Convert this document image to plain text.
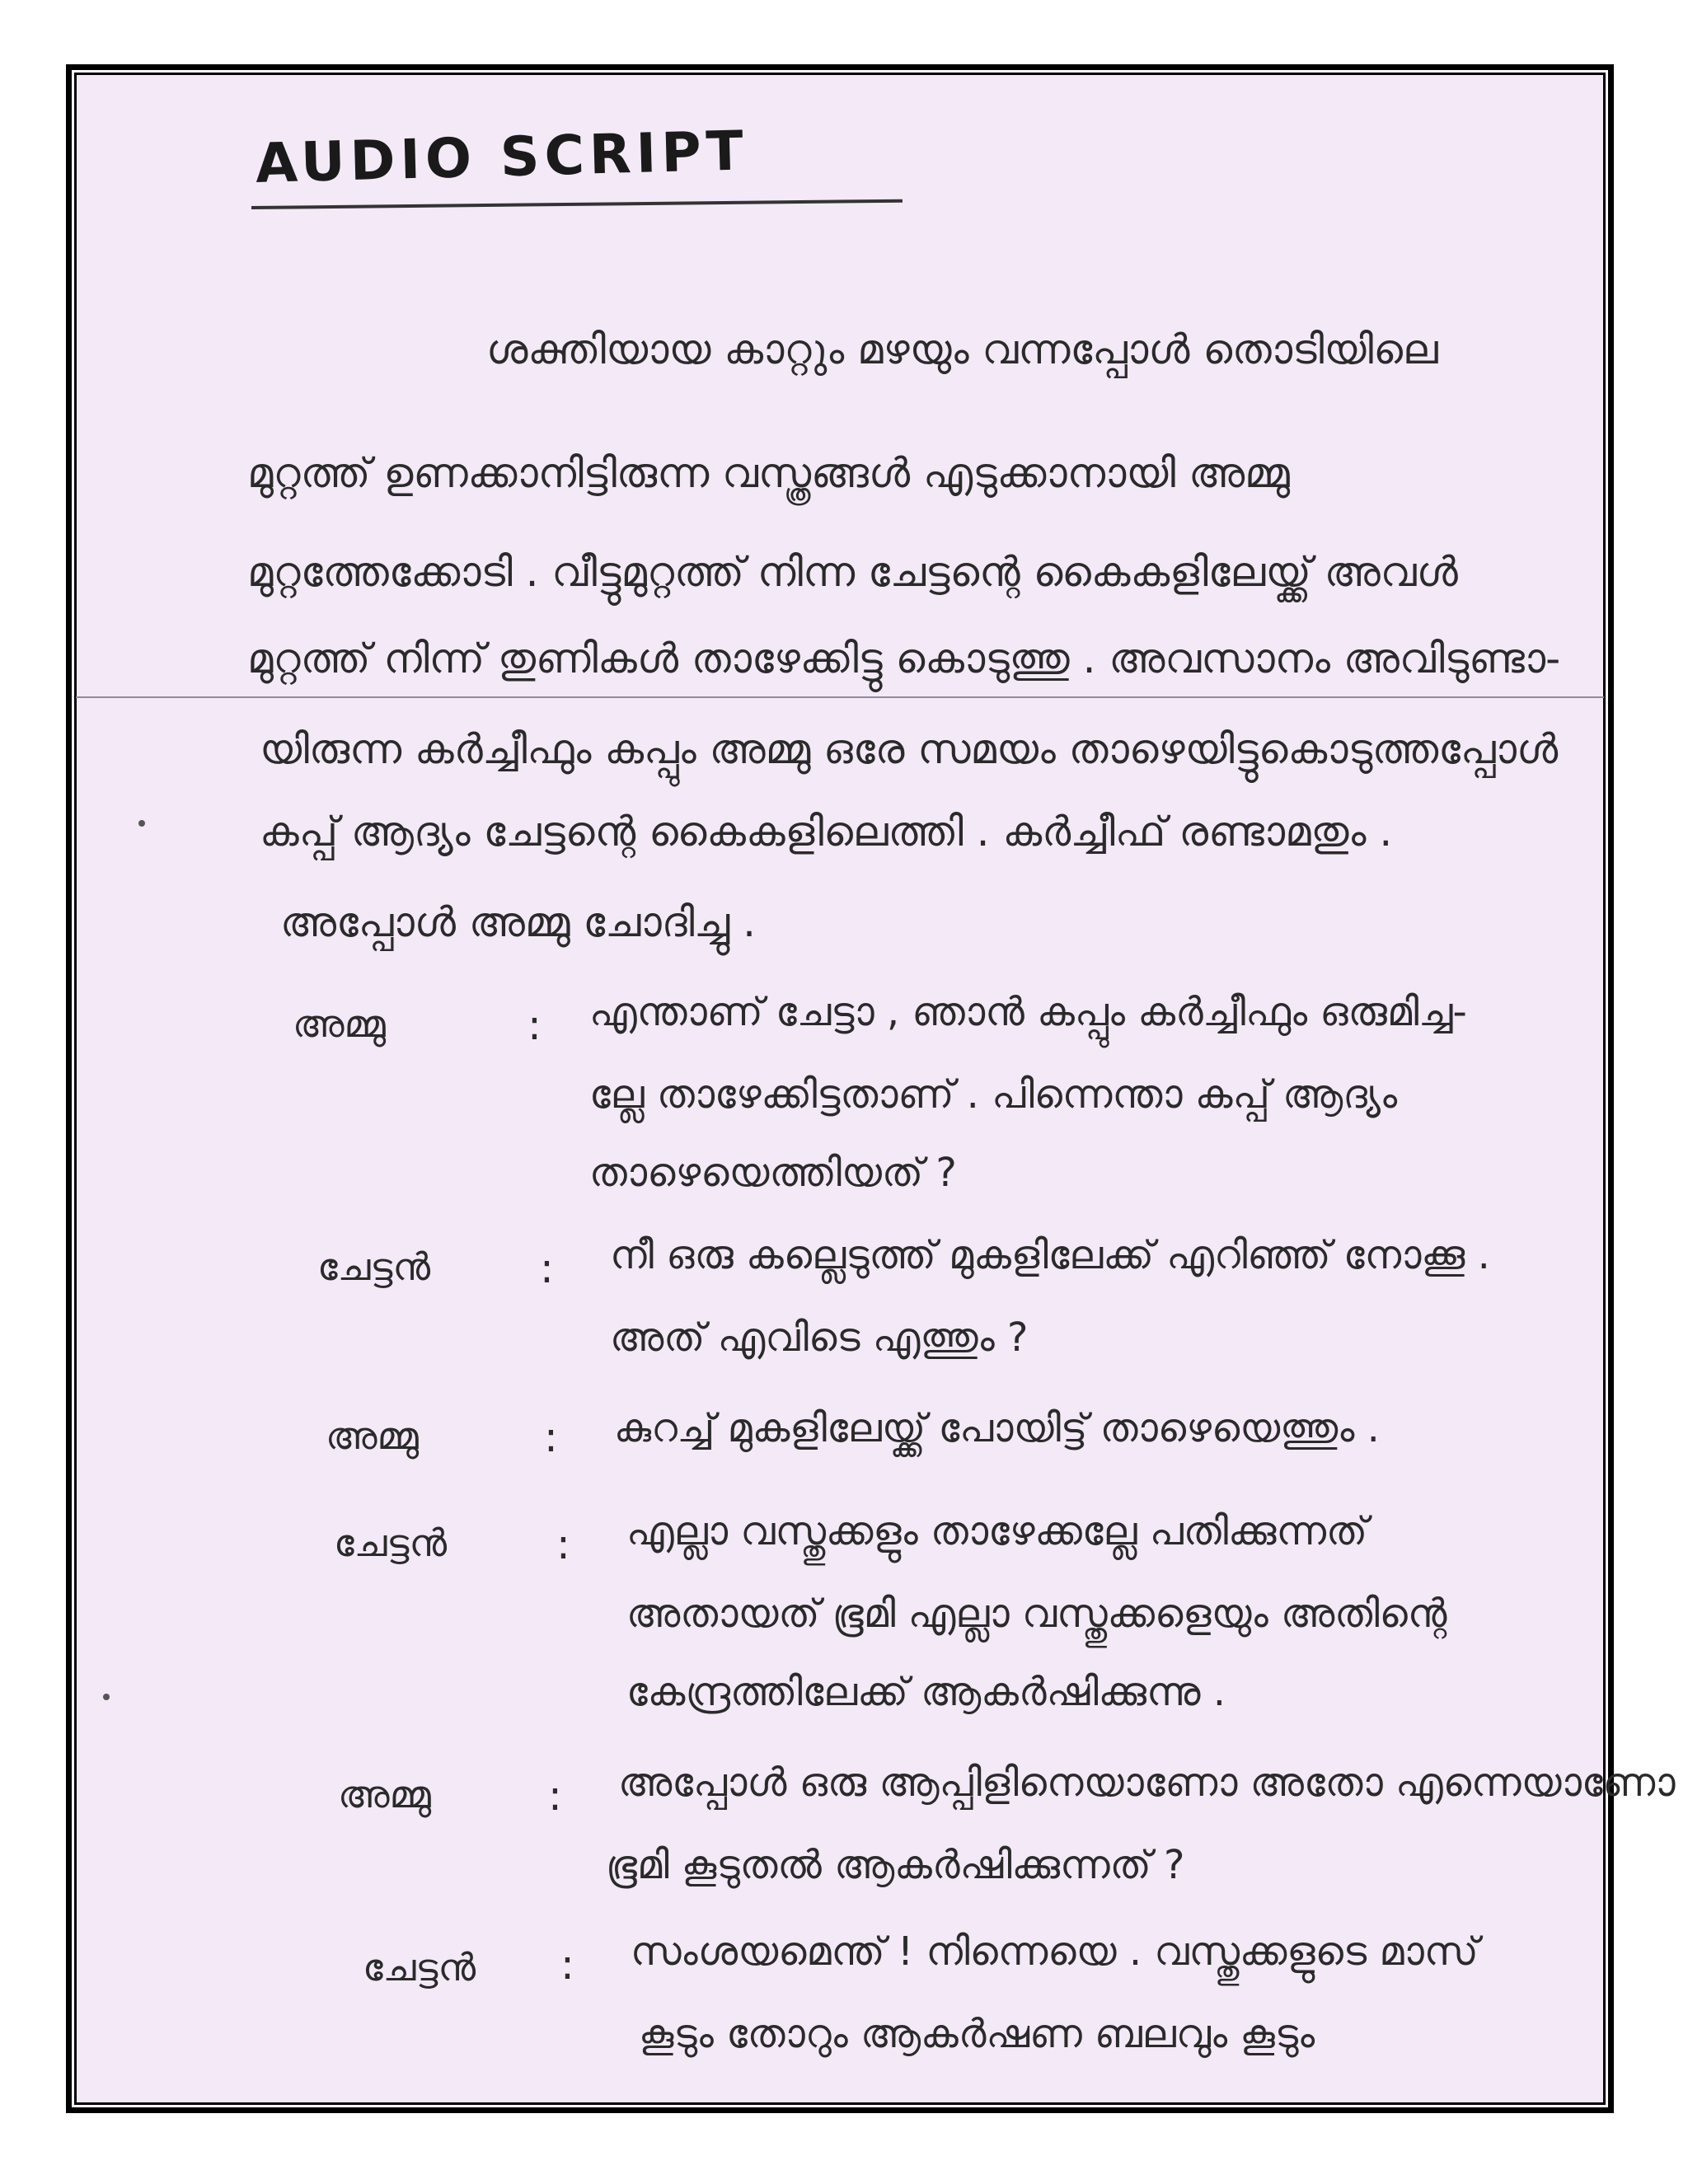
AUDIO SCRIPT
ശക്തിയായ കാറ്റും മഴയും വന്നപ്പോൾ തൊടിയിലെ
മുറ്റത്ത് ഉണക്കാനിട്ടിരുന്ന വസ്ത്രങ്ങൾ എടുക്കാനായി അമ്മു
മുറ്റത്തേക്കോടി . വീട്ടുമുറ്റത്ത് നിന്ന ചേട്ടന്റെ കൈകളിലേയ്ക്ക് അവൾ
മുറ്റത്ത് നിന്ന് തുണികൾ താഴേക്കിട്ടു കൊടുത്തു . അവസാനം അവിടുണ്ടാ-
യിരുന്ന കർച്ചീഫും കപ്പും അമ്മു ഒരേ സമയം താഴെയിട്ടുകൊടുത്തപ്പോൾ
കപ്പ് ആദ്യം ചേട്ടന്റെ കൈകളിലെത്തി . കർച്ചീഫ് രണ്ടാമതും .
അപ്പോൾ അമ്മു ചോദിച്ചു .
അമ്മു	: എന്താണ് ചേട്ടാ , ഞാൻ കപ്പും കർച്ചീഫും ഒരുമിച്ച-
ല്ലേ താഴേക്കിട്ടതാണ് . പിന്നെന്താ കപ്പ് ആദ്യം
താഴെയെത്തിയത് ?
ചേട്ടൻ	: നീ ഒരു കല്ലെടുത്ത് മുകളിലേക്ക് എറിഞ്ഞ് നോക്കൂ .
അത് എവിടെ എത്തും ?
അമ്മു	: കുറച്ച് മുകളിലേയ്ക്ക് പോയിട്ട് താഴെയെത്തും .
ചേട്ടൻ	: എല്ലാ വസ്തുക്കളും താഴേക്കല്ലേ പതിക്കുന്നത്
അതായത് ഭൂമി എല്ലാ വസ്തുക്കളെയും അതിന്റെ
കേന്ദ്രത്തിലേക്ക് ആകർഷിക്കുന്നു .
അമ്മു	: അപ്പോൾ ഒരു ആപ്പിളിനെയാണോ അതോ എന്നെയാണോ
ഭൂമി കൂടുതൽ ആകർഷിക്കുന്നത് ?
ചേട്ടൻ	: സംശയമെന്ത് ! നിന്നെയെ . വസ്തുക്കളുടെ മാസ്
കൂടും തോറും ആകർഷണ ബലവും കൂടും
